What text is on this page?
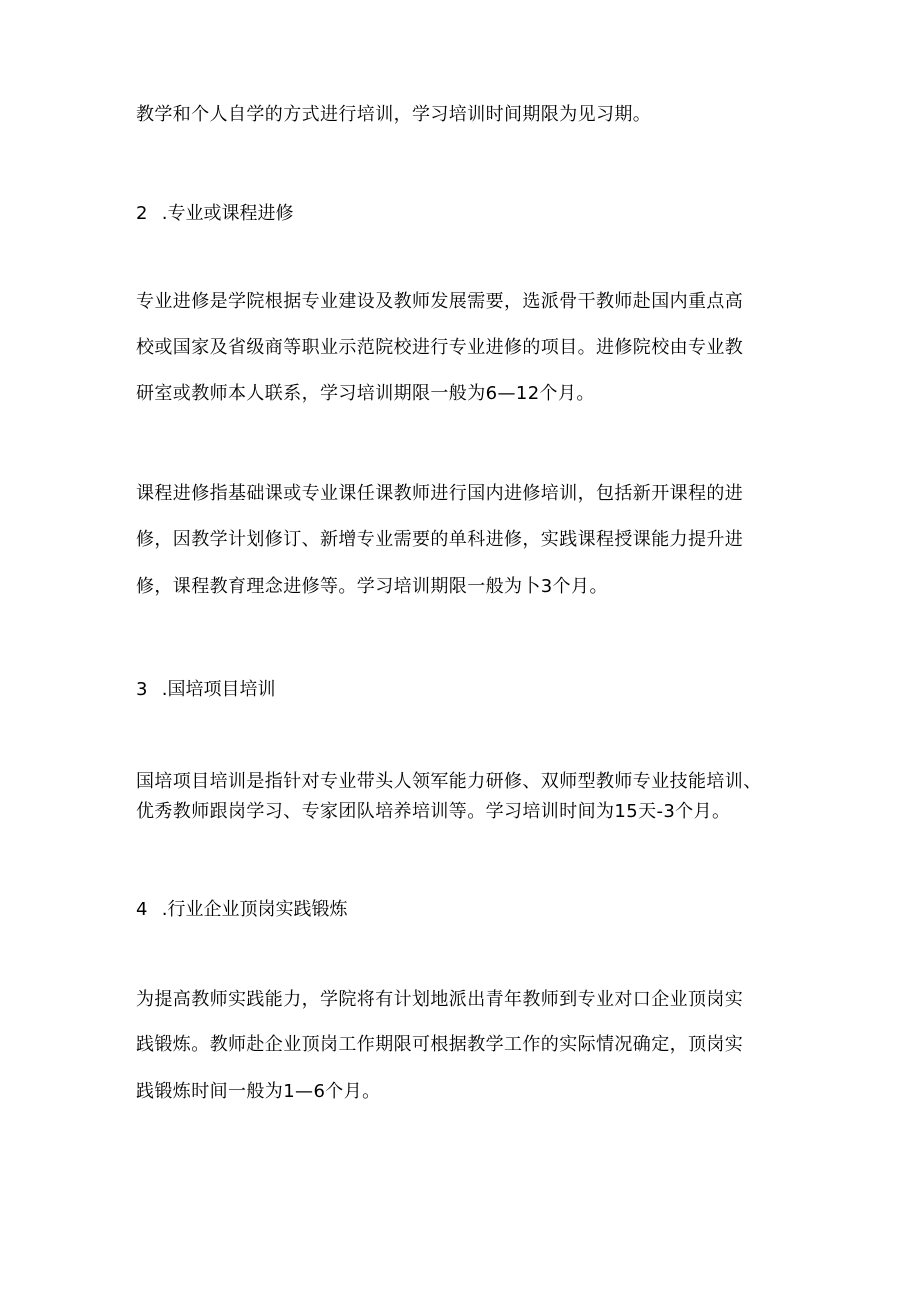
教学和个人自学的方式进行培训，学习培训时间期限为见习期。
2 .专业或课程进修
专业进修是学院根据专业建设及教师发展需要，选派骨干教师赴国内重点高
校或国家及省级商等职业示范院校进行专业进修的项目。进修院校由专业教
研室或教师本人联系，学习培训期限一般为6—12个月。
课程进修指基础课或专业课任课教师进行国内进修培训，包括新开课程的进
修，因教学计划修订、新增专业需要的单科进修，实践课程授课能力提升进
修，课程教育理念进修等。学习培训期限一般为卜3个月。
3 .国培项目培训
国培项目培训是指针对专业带头人领军能力研修、双师型教师专业技能培训、
优秀教师跟岗学习、专家团队培养培训等。学习培训时间为15天-3个月。
4 .行业企业顶岗实践锻炼
为提高教师实践能力，学院将有计划地派出青年教师到专业对口企业顶岗实
践锻炼。教师赴企业顶岗工作期限可根据教学工作的实际情况确定，顶岗实
践锻炼时间一般为1—6个月。
